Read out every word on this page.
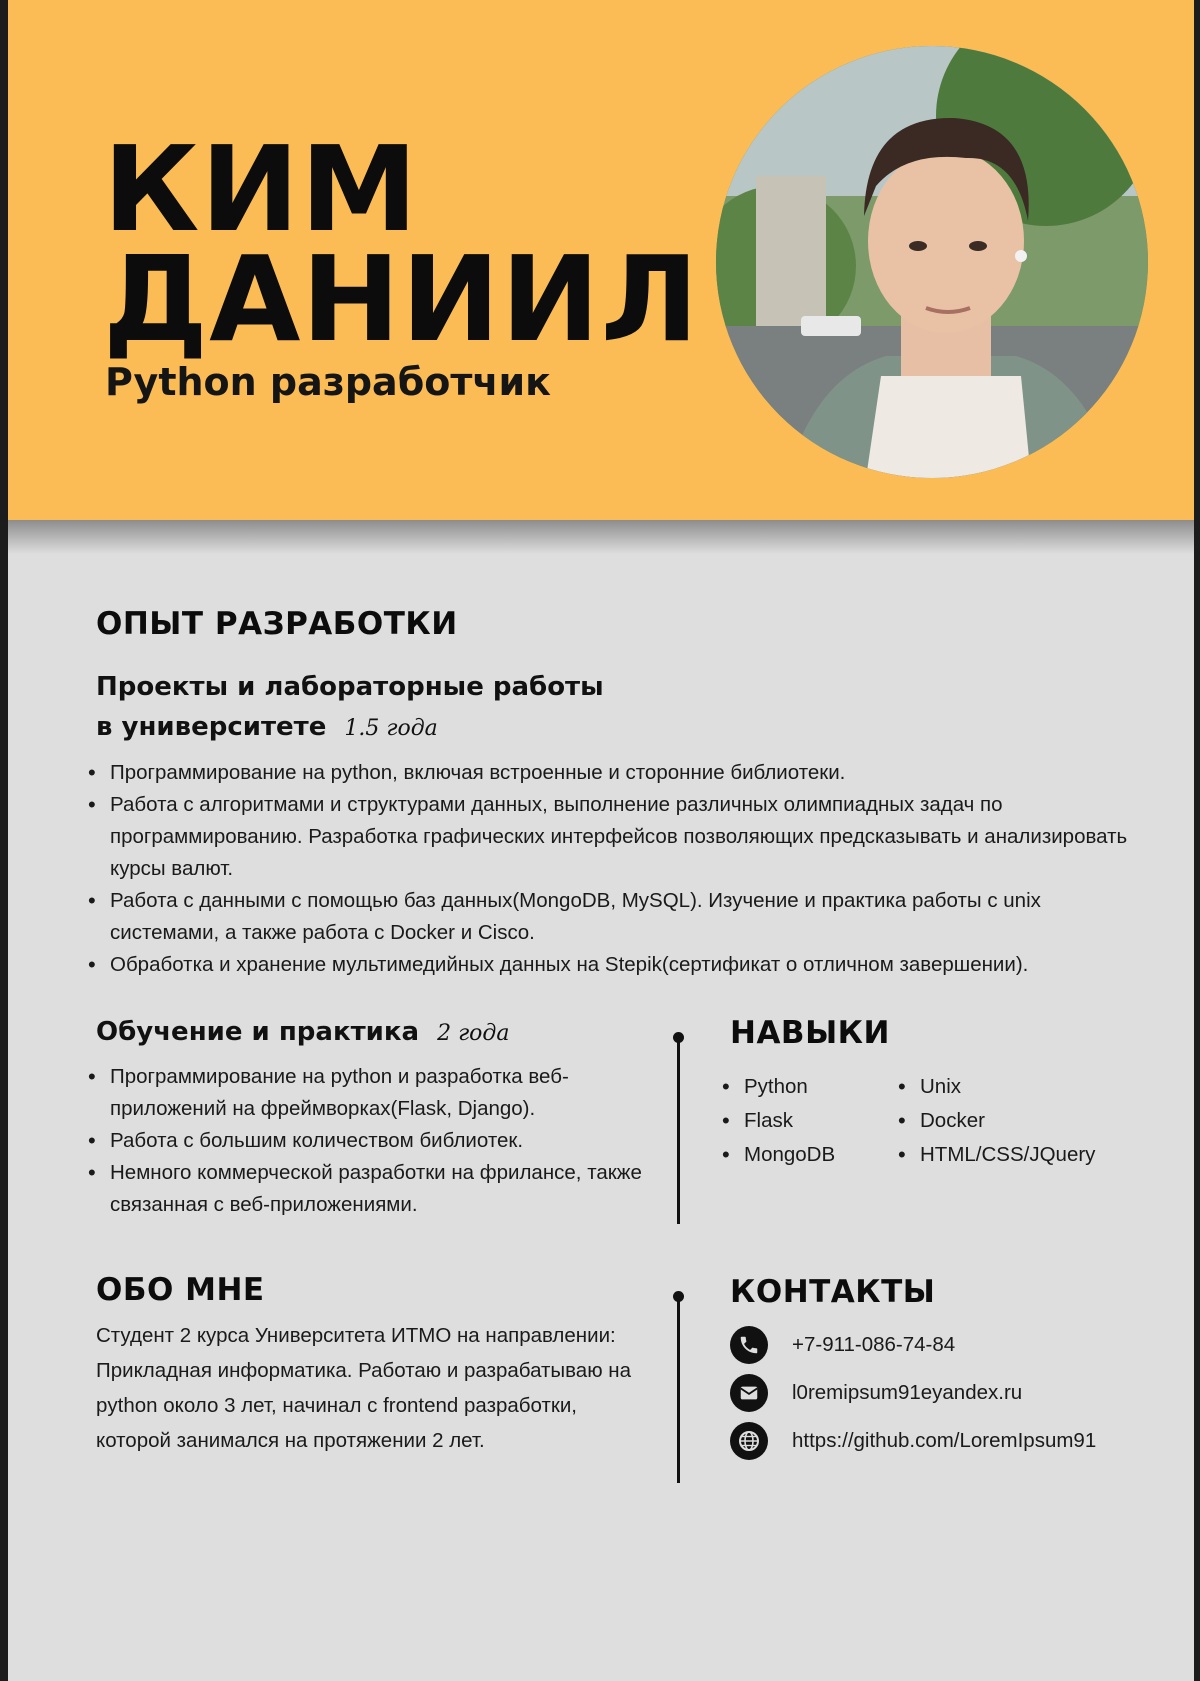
КИМ
ДАНИИЛ
Python разработчик
ОПЫТ РАЗРАБОТКИ
Проекты и лабораторные работы
в университете 1.5 года
• Программирование на python, включая встроенные и сторонние библиотеки.
• Работа с алгоритмами и структурами данных, выполнение различных олимпиадных задач по программированию. Разработка графических интерфейсов позволяющих предсказывать и анализировать курсы валют.
• Работа с данными с помощью баз данных(MongoDB, MySQL). Изучение и практика работы с unix системами, а также работа с Docker и Cisco.
• Обработка и хранение мультимедийных данных на Stepik(сертификат о отличном завершении).
Обучение и практика 2 года
• Программирование на python и разработка веб-приложений на фреймворках(Flask, Django).
• Работа с большим количеством библиотек.
• Немного коммерческой разработки на фрилансе, также связанная с веб-приложениями.
НАВЫКИ
• Python
• Flask
• MongoDB
• Unix
• Docker
• HTML/CSS/JQuery
ОБО МНЕ
Студент 2 курса Университета ИТМО на направлении: Прикладная информатика. Работаю и разрабатываю на python около 3 лет, начинал с frontend разработки, которой занимался на протяжении 2 лет.
КОНТАКТЫ
+7-911-086-74-84
l0remipsum91eyandex.ru
https://github.com/LoremIpsum91
